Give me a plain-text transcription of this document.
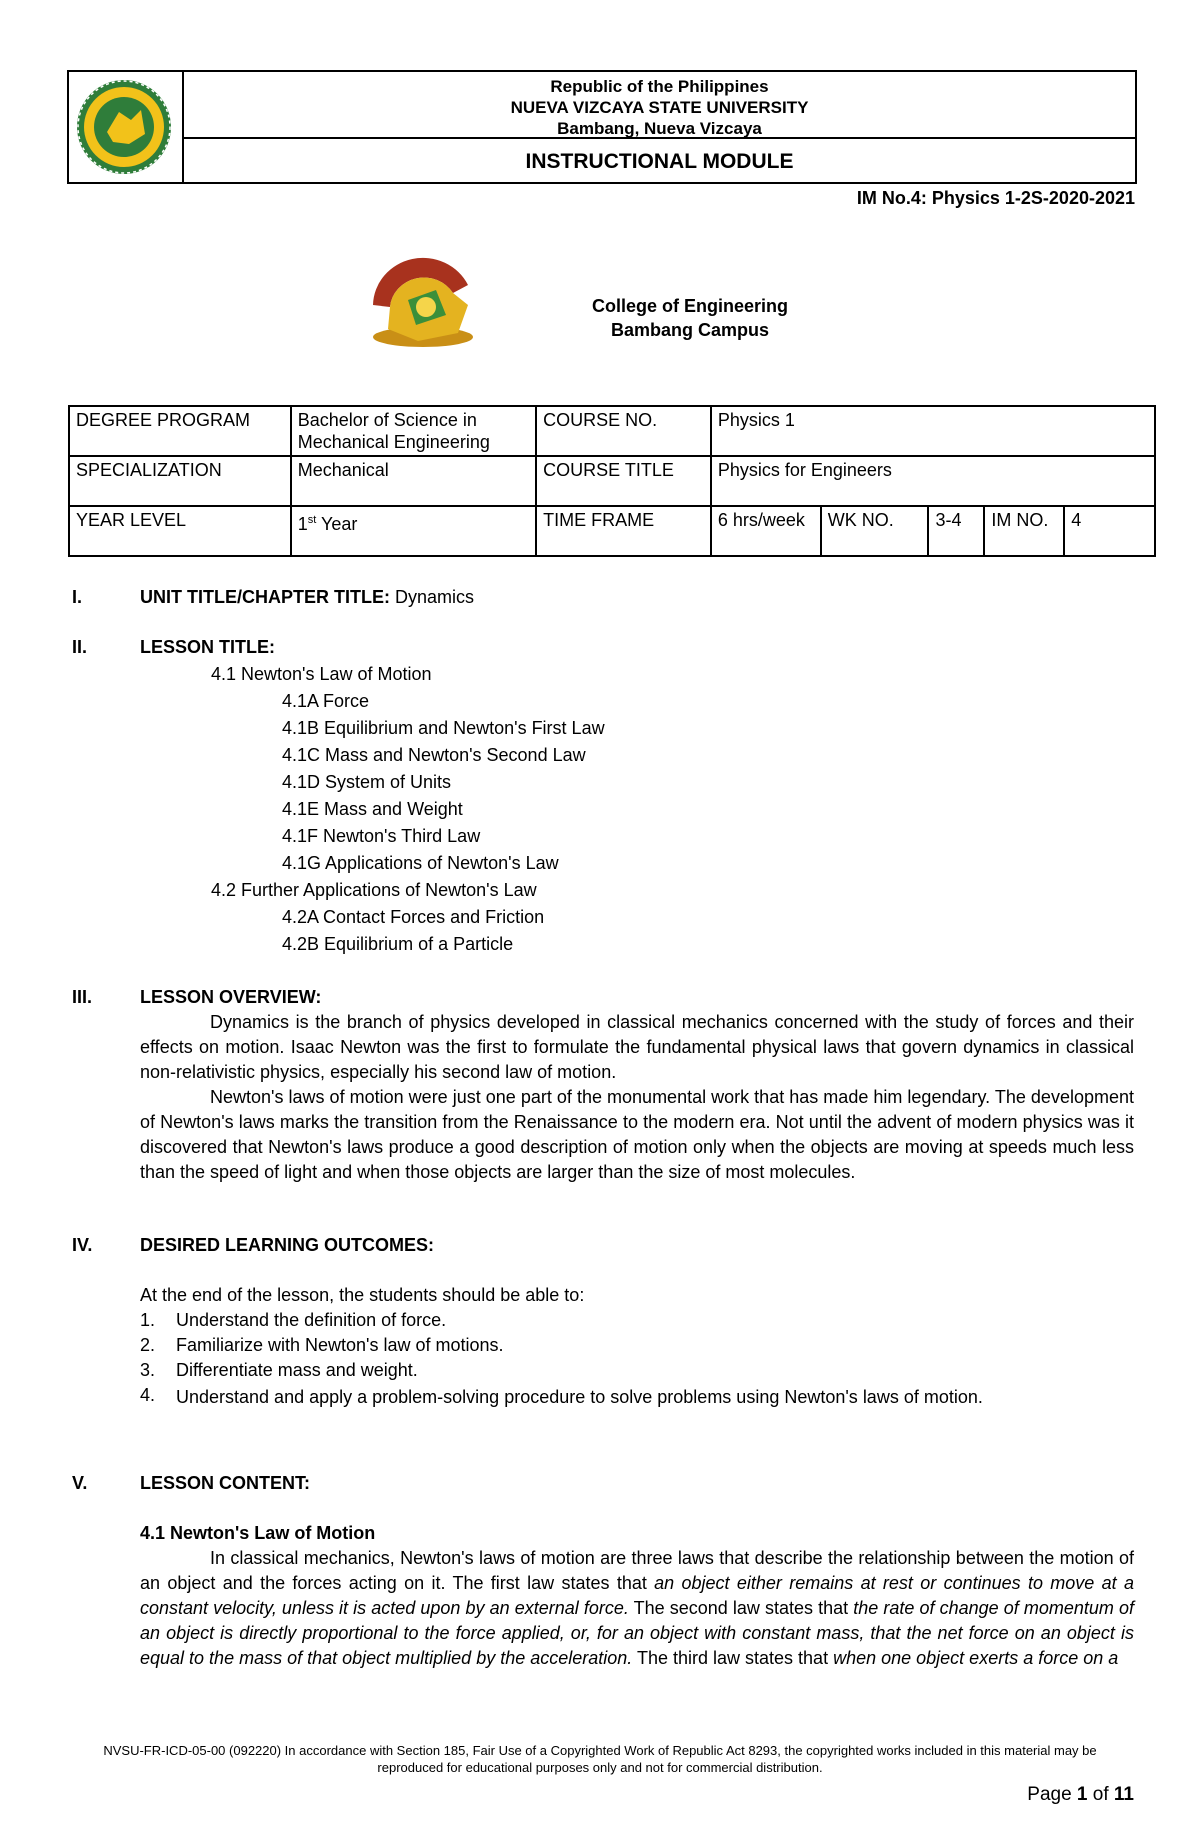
Republic of the Philippines
NUEVA VIZCAYA STATE UNIVERSITY
Bambang, Nueva Vizcaya
INSTRUCTIONAL MODULE
IM No.4: Physics 1-2S-2020-2021
College of Engineering
Bambang Campus
DEGREE PROGRAM	Bachelor of Science in Mechanical Engineering	COURSE NO.	Physics 1				
SPECIALIZATION	Mechanical	COURSE TITLE	Physics for Engineers				
YEAR LEVEL	1st Year	TIME FRAME	6 hrs/week	WK NO.	3-4	IM NO.	4
I.	UNIT TITLE/CHAPTER TITLE: Dynamics
II.	LESSON TITLE:
4.1 Newton's Law of Motion
4.1A Force
4.1B Equilibrium and Newton's First Law
4.1C Mass and Newton's Second Law
4.1D System of Units
4.1E Mass and Weight
4.1F Newton's Third Law
4.1G Applications of Newton's Law
4.2 Further Applications of Newton's Law
4.2A Contact Forces and Friction
4.2B Equilibrium of a Particle
III.	LESSON OVERVIEW:
Dynamics is the branch of physics developed in classical mechanics concerned with the study of forces and their effects on motion. Isaac Newton was the first to formulate the fundamental physical laws that govern dynamics in classical non-relativistic physics, especially his second law of motion.
Newton's laws of motion were just one part of the monumental work that has made him legendary. The development of Newton's laws marks the transition from the Renaissance to the modern era. Not until the advent of modern physics was it discovered that Newton's laws produce a good description of motion only when the objects are moving at speeds much less than the speed of light and when those objects are larger than the size of most molecules.
IV.	DESIRED LEARNING OUTCOMES:
At the end of the lesson, the students should be able to:
1. Understand the definition of force.
2. Familiarize with Newton's law of motions.
3. Differentiate mass and weight.
4. Understand and apply a problem-solving procedure to solve problems using Newton's laws of motion.
V.	LESSON CONTENT:
4.1 Newton's Law of Motion
In classical mechanics, Newton's laws of motion are three laws that describe the relationship between the motion of an object and the forces acting on it. The first law states that an object either remains at rest or continues to move at a constant velocity, unless it is acted upon by an external force. The second law states that the rate of change of momentum of an object is directly proportional to the force applied, or, for an object with constant mass, that the net force on an object is equal to the mass of that object multiplied by the acceleration. The third law states that when one object exerts a force on a
NVSU-FR-ICD-05-00 (092220) In accordance with Section 185, Fair Use of a Copyrighted Work of Republic Act 8293, the copyrighted works included in this material may be reproduced for educational purposes only and not for commercial distribution.
Page 1 of 11
